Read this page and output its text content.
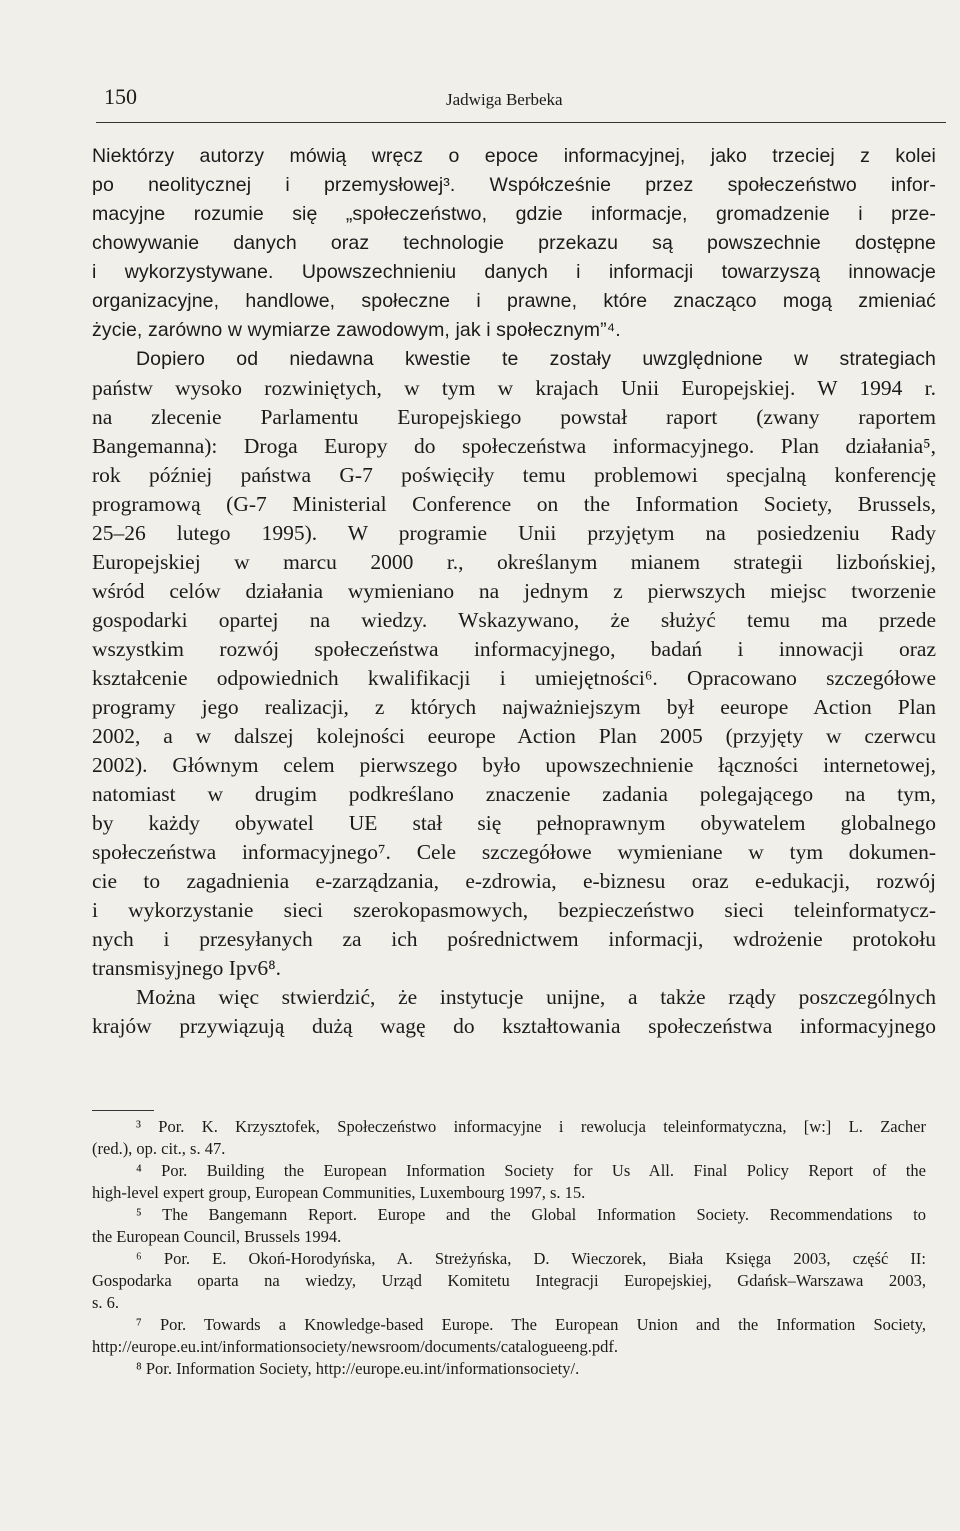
150	Jadwiga Berbeka
Niektórzy autorzy mówią wręcz o epoce informacyjnej, jako trzeciej z kolei
po neolitycznej i przemysłowej³. Współcześnie przez społeczeństwo infor-
macyjne rozumie się „społeczeństwo, gdzie informacje, gromadzenie i prze-
chowywanie danych oraz technologie przekazu są powszechnie dostępne
i wykorzystywane. Upowszechnieniu danych i informacji towarzyszą innowacje
organizacyjne, handlowe, społeczne i prawne, które znacząco mogą zmieniać
życie, zarówno w wymiarze zawodowym, jak i społecznym”⁴.
Dopiero od niedawna kwestie te zostały uwzględnione w strategiach
państw wysoko rozwiniętych, w tym w krajach Unii Europejskiej. W 1994 r.
na zlecenie Parlamentu Europejskiego powstał raport (zwany raportem
Bangemanna): Droga Europy do społeczeństwa informacyjnego. Plan działania⁵,
rok później państwa G-7 poświęciły temu problemowi specjalną konferencję
programową (G-7 Ministerial Conference on the Information Society, Brussels,
25–26 lutego 1995). W programie Unii przyjętym na posiedzeniu Rady
Europejskiej w marcu 2000 r., określanym mianem strategii lizbońskiej,
wśród celów działania wymieniano na jednym z pierwszych miejsc tworzenie
gospodarki opartej na wiedzy. Wskazywano, że służyć temu ma przede
wszystkim rozwój społeczeństwa informacyjnego, badań i innowacji oraz
kształcenie odpowiednich kwalifikacji i umiejętności⁶. Opracowano szczegółowe
programy jego realizacji, z których najważniejszym był eeurope Action Plan
2002, a w dalszej kolejności eeurope Action Plan 2005 (przyjęty w czerwcu
2002). Głównym celem pierwszego było upowszechnienie łączności internetowej,
natomiast w drugim podkreślano znaczenie zadania polegającego na tym,
by każdy obywatel UE stał się pełnoprawnym obywatelem globalnego
społeczeństwa informacyjnego⁷. Cele szczegółowe wymieniane w tym dokumen-
cie to zagadnienia e-zarządzania, e-zdrowia, e-biznesu oraz e-edukacji, rozwój
i wykorzystanie sieci szerokopasmowych, bezpieczeństwo sieci teleinformatycz-
nych i przesyłanych za ich pośrednictwem informacji, wdrożenie protokołu
transmisyjnego Ipv6⁸.
Można więc stwierdzić, że instytucje unijne, a także rządy poszczególnych
krajów przywiązują dużą wagę do kształtowania społeczeństwa informacyjnego
³ Por. K. Krzysztofek, Społeczeństwo informacyjne i rewolucja teleinformatyczna, [w:] L. Zacher
(red.), op. cit., s. 47.
⁴ Por. Building the European Information Society for Us All. Final Policy Report of the
high-level expert group, European Communities, Luxembourg 1997, s. 15.
⁵ The Bangemann Report. Europe and the Global Information Society. Recommendations to
the European Council, Brussels 1994.
⁶ Por. E. Okoń-Horodyńska, A. Streżyńska, D. Wieczorek, Biała Księga 2003, część II:
Gospodarka oparta na wiedzy, Urząd Komitetu Integracji Europejskiej, Gdańsk–Warszawa 2003,
s. 6.
⁷ Por. Towards a Knowledge-based Europe. The European Union and the Information Society,
http://europe.eu.int/informationsociety/newsroom/documents/catalogueeng.pdf.
⁸ Por. Information Society, http://europe.eu.int/informationsociety/.
